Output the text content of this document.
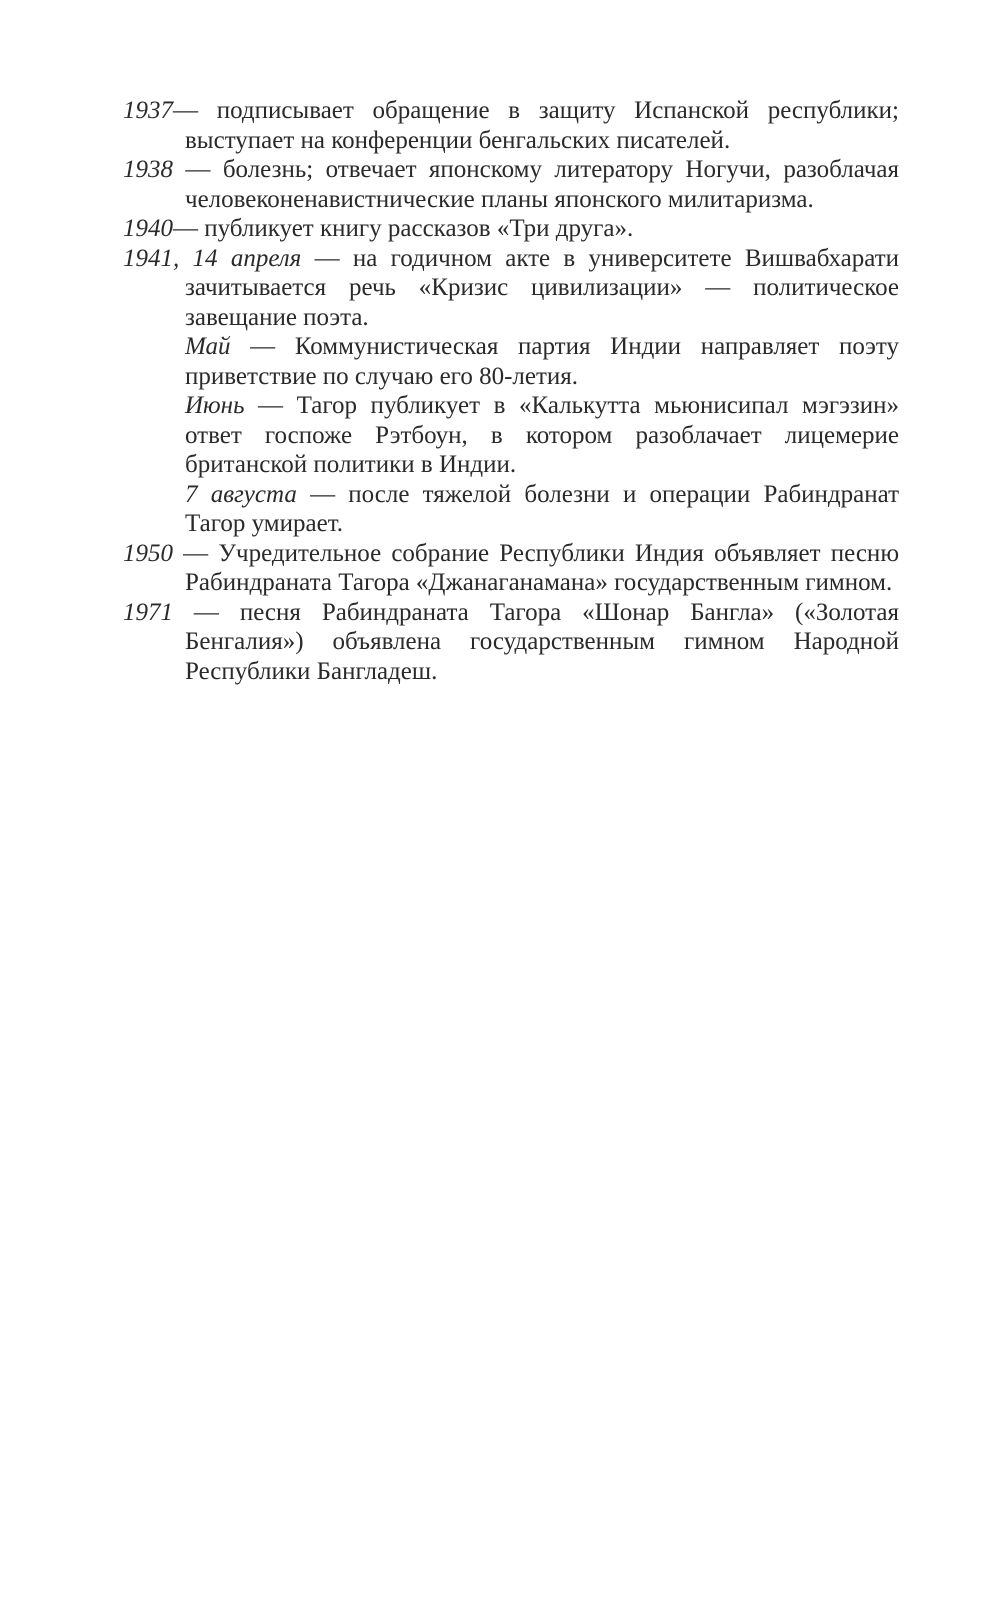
1937— подписывает обращение в защиту Испанской республики; выступает на конференции бенгальских писателей.

1938 — болезнь; отвечает японскому литератору Ногучи, разоблачая человеконенавистнические планы японского милитаризма.

1940— публикует книгу рассказов «Три друга».

1941, 14 апреля — на годичном акте в университете Вишвабхарати зачитывается речь «Кризис цивилизации» — политическое завещание поэта.

Май — Коммунистическая партия Индии направляет поэту приветствие по случаю его 80-летия.

Июнь — Тагор публикует в «Калькутта мьюнисипал мэгэзин» ответ госпоже Рэтбоун, в котором разоблачает лицемерие британской политики в Индии.

7 августа — после тяжелой болезни и операции Рабиндранат Тагор умирает.

1950 — Учредительное собрание Республики Индия объявляет песню Рабиндраната Тагора «Джанаганамана» государственным гимном.

1971 — песня Рабиндраната Тагора «Шонар Бангла» («Золотая Бенгалия») объявлена государственным гимном Народной Республики Бангладеш.
